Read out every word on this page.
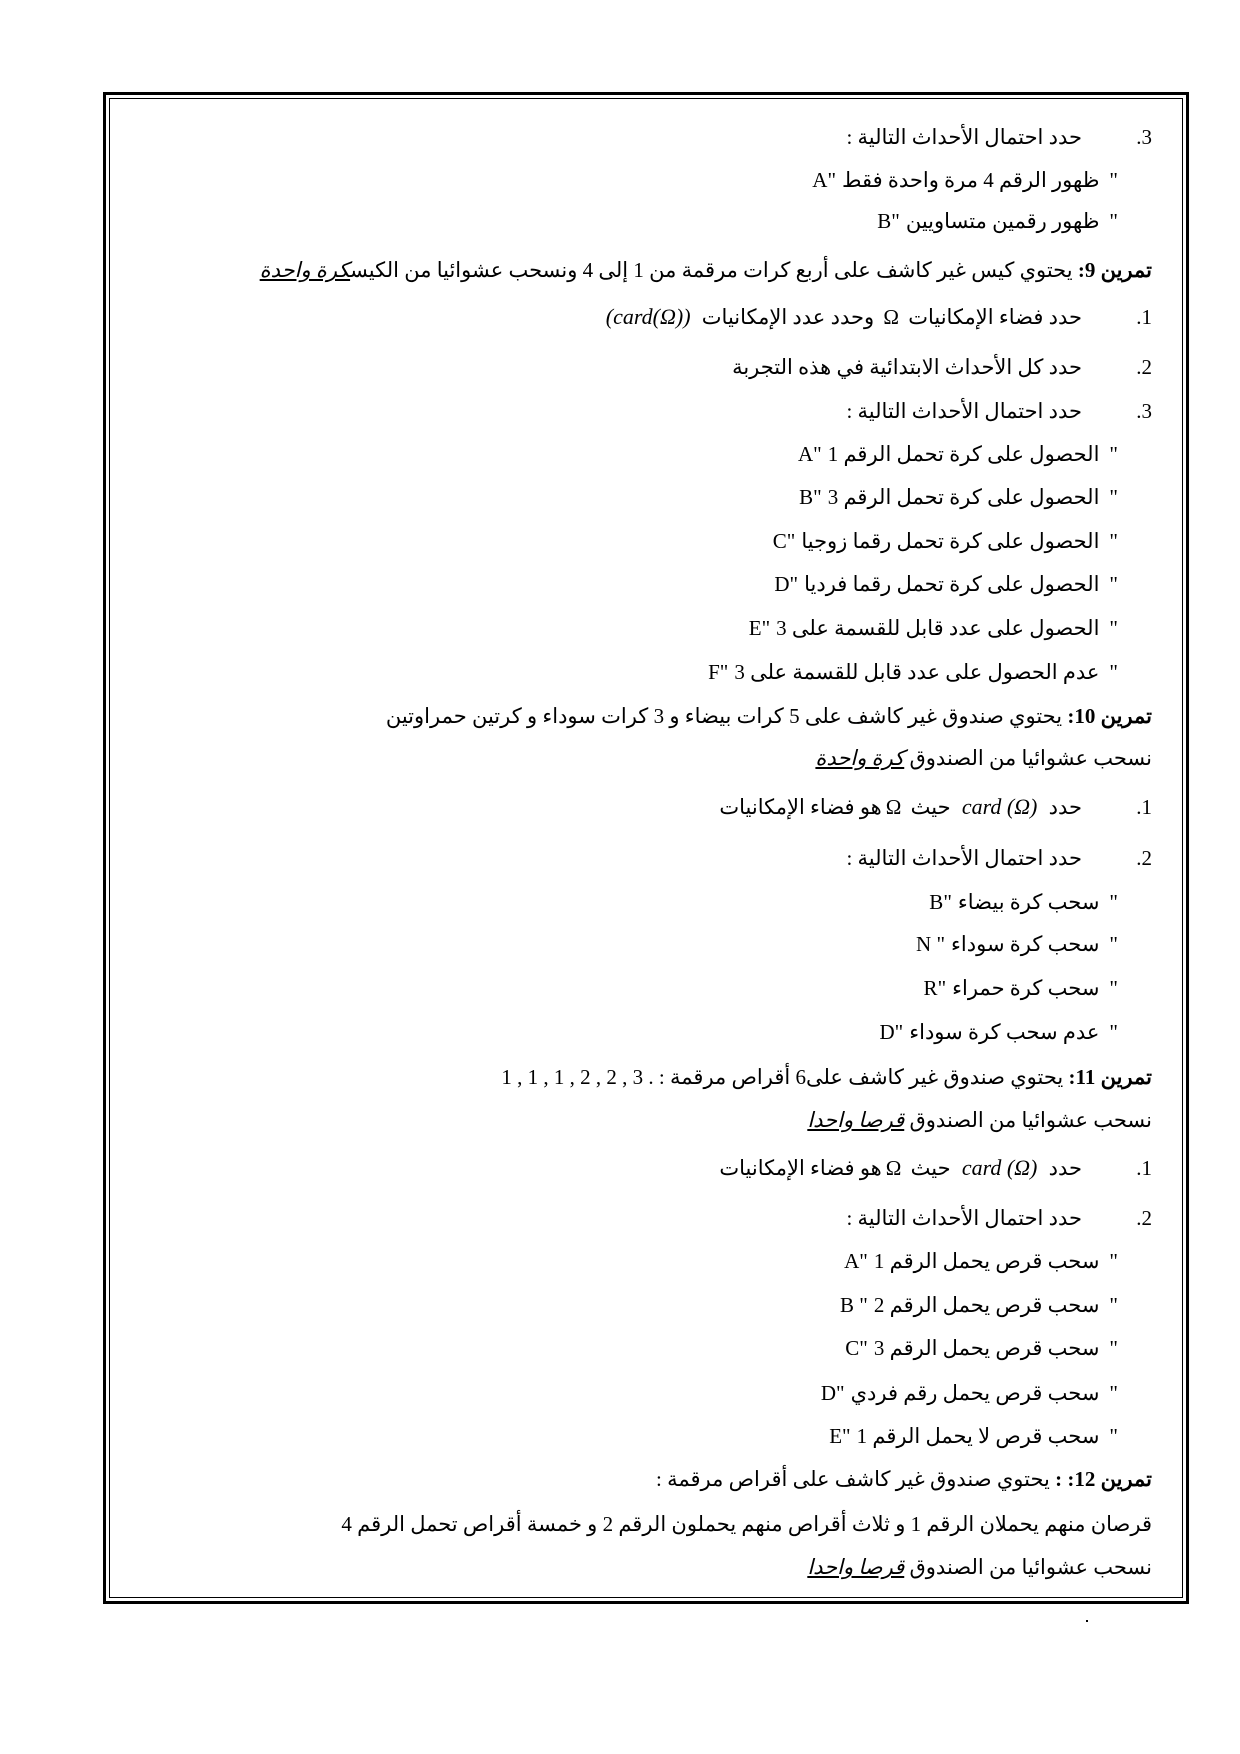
3.حدد احتمال الأحداث التالية :
"ظهور الرقم 4 مرة واحدة فقطA"
"ظهور رقمين متساويينB"
تمرين 9: يحتوي كيس غير كاشف على أربع كرات مرقمة من 1 إلى 4 ونسحب عشوائيا من الكيسكرة واحدة
1.حدد فضاء الإمكانيات Ω وحدد عدد الإمكانيات (card(Ω))
2.حدد كل الأحداث الابتدائية في هذه التجربة
3.حدد احتمال الأحداث التالية :
"الحصول على كرة تحمل الرقم 1A"
"الحصول على كرة تحمل الرقم 3B"
"الحصول على كرة تحمل رقما زوجياC"
"الحصول على كرة تحمل رقما فردياD"
"الحصول على عدد قابل للقسمة على 3E"
"عدم الحصول على عدد قابل للقسمة على 3F"
تمرين 10: يحتوي صندوق غير كاشف على 5 كرات بيضاء و 3 كرات سوداء و كرتين حمراوتين
نسحب عشوائيا من الصندوق كرة واحدة
1.حدد card (Ω) حيث Ωهو فضاء الإمكانيات
2.حدد احتمال الأحداث التالية :
"سحب كرة بيضاءB"
"سحب كرة سوداءN "
"سحب كرة حمراءR"
"عدم سحب كرة سوداءD"
تمرين 11: يحتوي صندوق غير كاشف على6 أقراص مرقمة : 1 , 1 , 1 , 2 , 2 , 3 .
نسحب عشوائيا من الصندوق قرصا واحدا
1.حدد card (Ω) حيث Ωهو فضاء الإمكانيات
2.حدد احتمال الأحداث التالية :
"سحب قرص يحمل الرقم 1A"
"سحب قرص يحمل الرقم 2B "
"سحب قرص يحمل الرقم 3C"
"سحب قرص يحمل رقم فرديD"
"سحب قرص لا يحمل الرقم 1E"
تمرين 12: : يحتوي صندوق غير كاشف على أقراص مرقمة :
قرصان منهم يحملان الرقم 1 و ثلاث أقراص منهم يحملون الرقم 2 و خمسة أقراص تحمل الرقم 4
نسحب عشوائيا من الصندوق قرصا واحدا
